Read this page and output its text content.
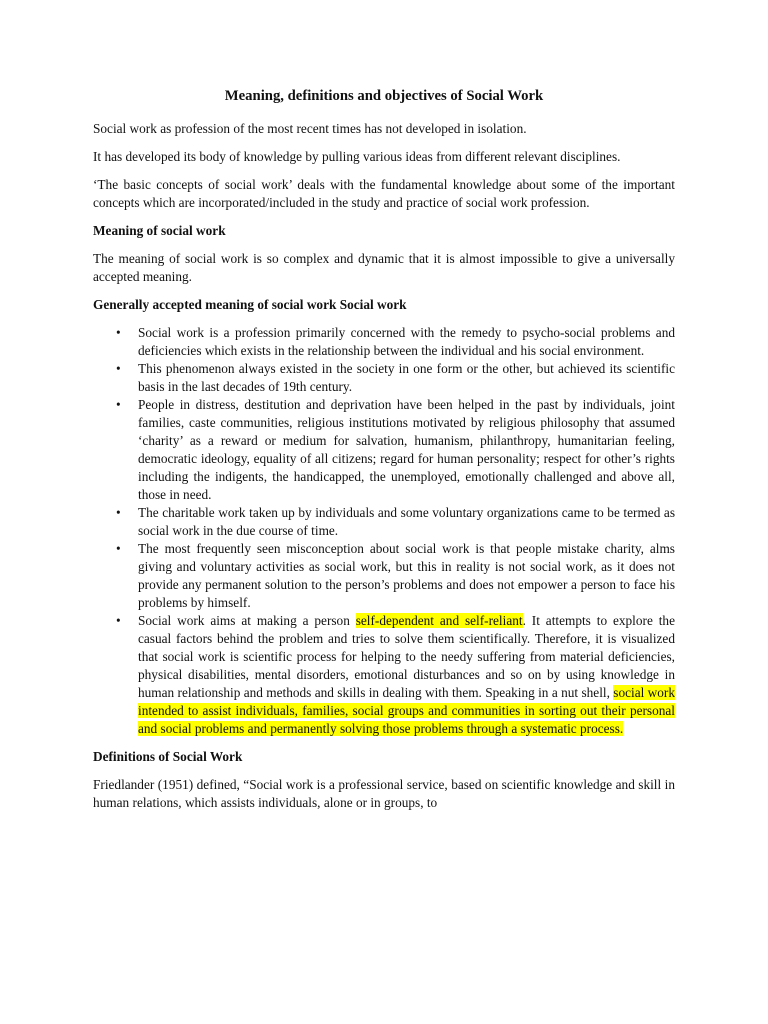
Meaning, definitions and objectives of Social Work

Social work as profession of the most recent times has not developed in isolation.

It has developed its body of knowledge by pulling various ideas from different relevant disciplines.

‘The basic concepts of social work’ deals with the fundamental knowledge about some of the important concepts which are incorporated/included in the study and practice of social work profession.

Meaning of social work

The meaning of social work is so complex and dynamic that it is almost impossible to give a universally accepted meaning.

Generally accepted meaning of social work Social work
•	Social work is a profession primarily concerned with the remedy to psycho-social problems and deficiencies which exists in the relationship between the individual and his social environment.
•	This phenomenon always existed in the society in one form or the other, but achieved its scientific basis in the last decades of 19th century.
•	People in distress, destitution and deprivation have been helped in the past by individuals, joint families, caste communities, religious institutions motivated by religious philosophy that assumed ‘charity’ as a reward or medium for salvation, humanism, philanthropy, humanitarian feeling, democratic ideology, equality of all citizens; regard for human personality; respect for other’s rights including the indigents, the handicapped, the unemployed, emotionally challenged and above all, those in need.
•	The charitable work taken up by individuals and some voluntary organizations came to be termed as social work in the due course of time.
•	The most frequently seen misconception about social work is that people mistake charity, alms giving and voluntary activities as social work, but this in reality is not social work, as it does not provide any permanent solution to the person’s problems and does not empower a person to face his problems by himself.
•	Social work aims at making a person self-dependent and self-reliant. It attempts to explore the casual factors behind the problem and tries to solve them scientifically. Therefore, it is visualized that social work is scientific process for helping to the needy suffering from material deficiencies, physical disabilities, mental disorders, emotional disturbances and so on by using knowledge in human relationship and methods and skills in dealing with them. Speaking in a nut shell, social work intended to assist individuals, families, social groups and communities in sorting out their personal and social problems and permanently solving those problems through a systematic process.
Definitions of Social Work

Friedlander (1951) defined, “Social work is a professional service, based on scientific knowledge and skill in human relations, which assists individuals, alone or in groups, to
